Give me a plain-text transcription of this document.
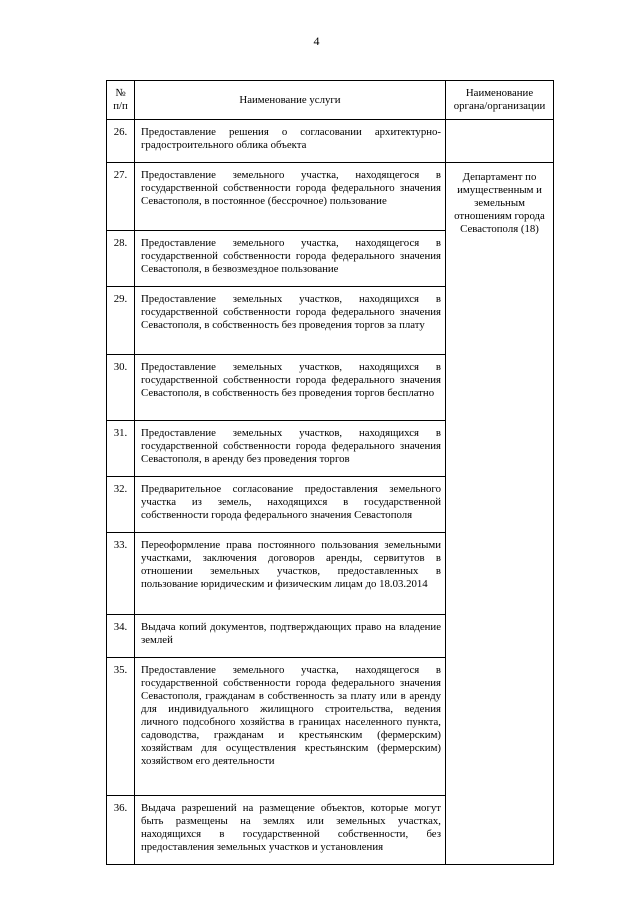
4
№ п/п	Наименование услуги	Наименование органа/организации
26.	Предоставление решения о согласовании архитектурно-градостроительного облика объекта	
27.	Предоставление земельного участка, находящегося в государственной собственности города федерального значения Севастополя, в постоянное (бессрочное) пользование	Департамент по имущественным и земельным отношениям города Севастополя (18)
28.	Предоставление земельного участка, находящегося в государственной собственности города федерального значения Севастополя, в безвозмездное пользование	
29.	Предоставление земельных участков, находящихся в государственной собственности города федерального значения Севастополя, в собственность без проведения торгов за плату	
30.	Предоставление земельных участков, находящихся в государственной собственности города федерального значения Севастополя, в собственность без проведения торгов бесплатно	
31.	Предоставление земельных участков, находящихся в государственной собственности города федерального значения Севастополя, в аренду без проведения торгов	
32.	Предварительное согласование предоставления земельного участка из земель, находящихся в государственной собственности города федерального значения Севастополя	
33.	Переоформление права постоянного пользования земельными участками, заключения договоров аренды, сервитутов в отношении земельных участков, предоставленных в пользование юридическим и физическим лицам до 18.03.2014	
34.	Выдача копий документов, подтверждающих право на владение землей	
35.	Предоставление земельного участка, находящегося в государственной собственности города федерального значения Севастополя, гражданам в собственность за плату или в аренду для индивидуального жилищного строительства, ведения личного подсобного хозяйства в границах населенного пункта, садоводства, гражданам и крестьянским (фермерским) хозяйствам для осуществления крестьянским (фермерским) хозяйством его деятельности	
36.	Выдача разрешений на размещение объектов, которые могут быть размещены на землях или земельных участках, находящихся в государственной собственности, без предоставления земельных участков и установления	
